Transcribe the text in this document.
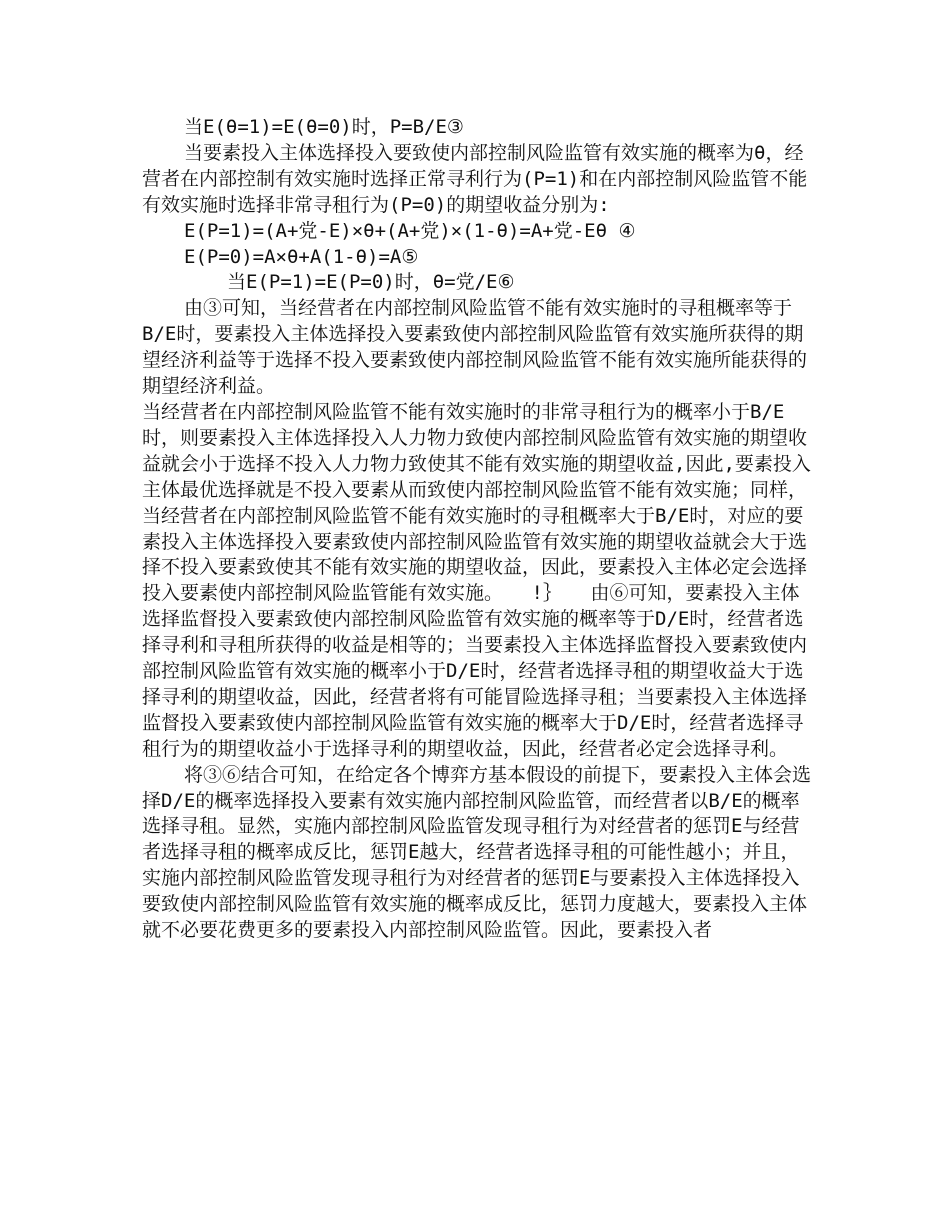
当E(θ=1)=E(θ=0)时，P=B/E③

当要素投入主体选择投入要致使内部控制风险监管有效实施的概率为θ，经营者在内部控制有效实施时选择正常寻利行为(P=1)和在内部控制风险监管不能有效实施时选择非常寻租行为(P=0)的期望收益分别为:

E(P=1)=(A+党-E)×θ+(A+党)×(1-θ)=A+党-Eθ ④

E(P=0)=A×θ+A(1-θ)=A⑤

当E(P=1)=E(P=0)时，θ=党/E⑥

由③可知，当经营者在内部控制风险监管不能有效实施时的寻租概率等于B/E时，要素投入主体选择投入要素致使内部控制风险监管有效实施所获得的期望经济利益等于选择不投入要素致使内部控制风险监管不能有效实施所能获得的期望经济利益。

当经营者在内部控制风险监管不能有效实施时的非常寻租行为的概率小于B/E时，则要素投入主体选择投入人力物力致使内部控制风险监管有效实施的期望收益就会小于选择不投入人力物力致使其不能有效实施的期望收益,因此,要素投入主体最优选择就是不投入要素从而致使内部控制风险监管不能有效实施；同样，当经营者在内部控制风险监管不能有效实施时的寻租概率大于B/E时，对应的要素投入主体选择投入要素致使内部控制风险监管有效实施的期望收益就会大于选择不投入要素致使其不能有效实施的期望收益，因此，要素投入主体必定会选择投入要素使内部控制风险监管能有效实施。　　!｝　　由⑥可知，要素投入主体选择监督投入要素致使内部控制风险监管有效实施的概率等于D/E时，经营者选择寻利和寻租所获得的收益是相等的；当要素投入主体选择监督投入要素致使内部控制风险监管有效实施的概率小于D/E时，经营者选择寻租的期望收益大于选择寻利的期望收益，因此，经营者将有可能冒险选择寻租；当要素投入主体选择监督投入要素致使内部控制风险监管有效实施的概率大于D/E时，经营者选择寻租行为的期望收益小于选择寻利的期望收益，因此，经营者必定会选择寻利。

将③⑥结合可知，在给定各个博弈方基本假设的前提下，要素投入主体会选择D/E的概率选择投入要素有效实施内部控制风险监管，而经营者以B/E的概率选择寻租。显然，实施内部控制风险监管发现寻租行为对经营者的惩罚E与经营者选择寻租的概率成反比，惩罚E越大，经营者选择寻租的可能性越小；并且，实施内部控制风险监管发现寻租行为对经营者的惩罚E与要素投入主体选择投入要致使内部控制风险监管有效实施的概率成反比，惩罚力度越大，要素投入主体就不必要花费更多的要素投入内部控制风险监管。因此，要素投入者
